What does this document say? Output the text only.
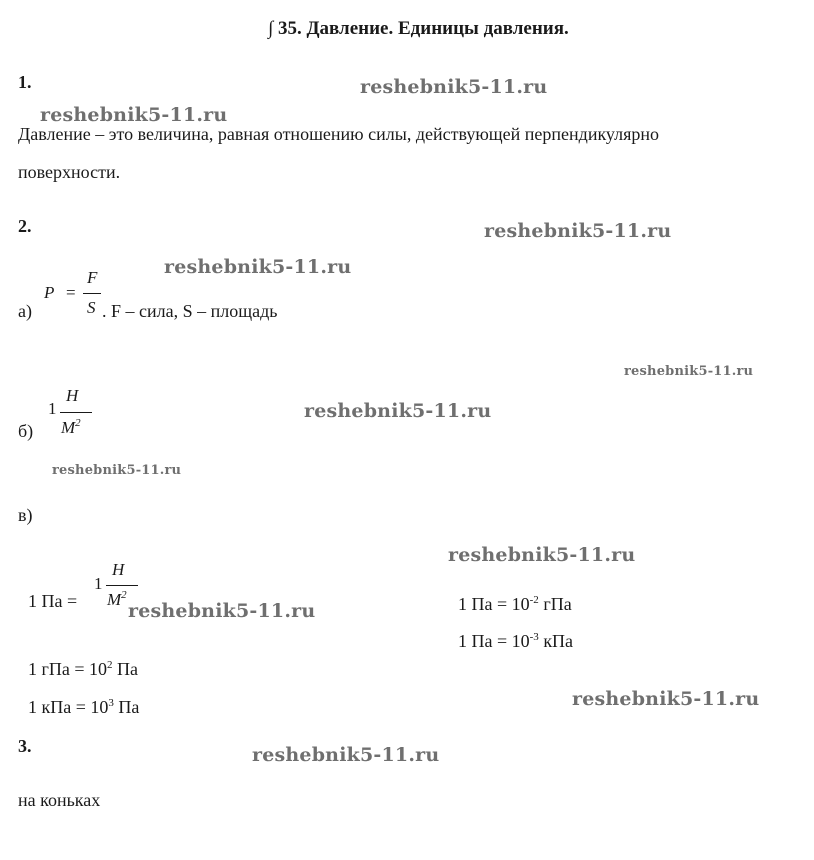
∫ 35. Давление. Единицы давления.
1.	reshebnik5-11.ru
reshebnik5-11.ru
Давление – это величина, равная отношению силы, действующей перпендикулярно
поверхности.
2.	reshebnik5-11.ru
reshebnik5-11.ru
а)
P =
F
S . F – сила, S – площадь
reshebnik5-11.ru
б)
1
Н
$М^2$
reshebnik5-11.ru
reshebnik5-11.ru
в)
reshebnik5-11.ru
1 Па =
1
Н
$М^2$
reshebnik5-11.ru	1 Па = $10^{-2}$ гПа
1 Па = $10^{-3}$ кПа
1 гПа = $10^2$ Па
1 кПа = $10^3$ Па	reshebnik5-11.ru
3.	reshebnik5-11.ru
на коньках
